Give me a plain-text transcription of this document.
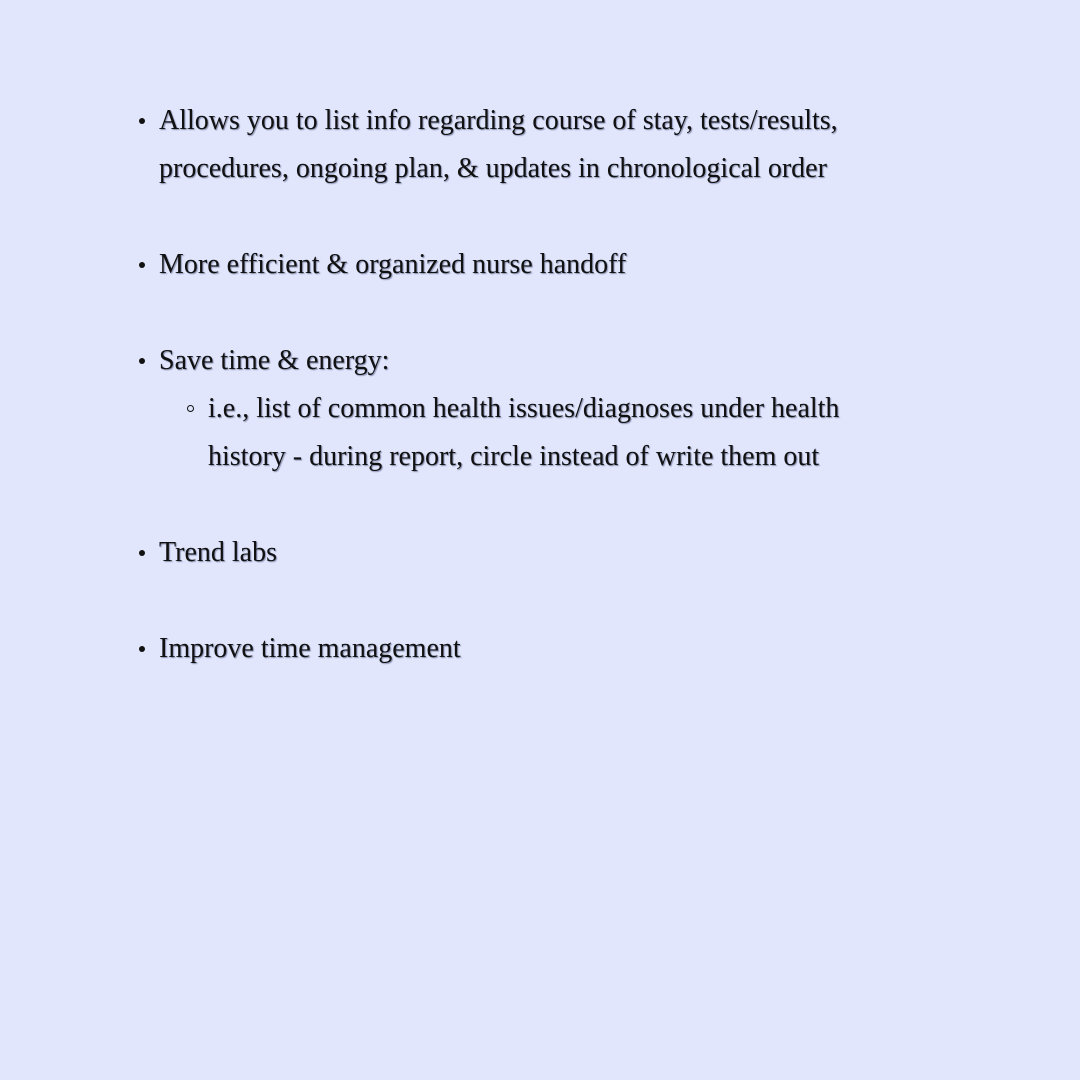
Allows you to list info regarding course of stay, tests/results, procedures, ongoing plan, & updates in chronological order
More efficient & organized nurse handoff
Save time & energy:
i.e., list of common health issues/diagnoses under health history - during report, circle instead of write them out
Trend labs
Improve time management
